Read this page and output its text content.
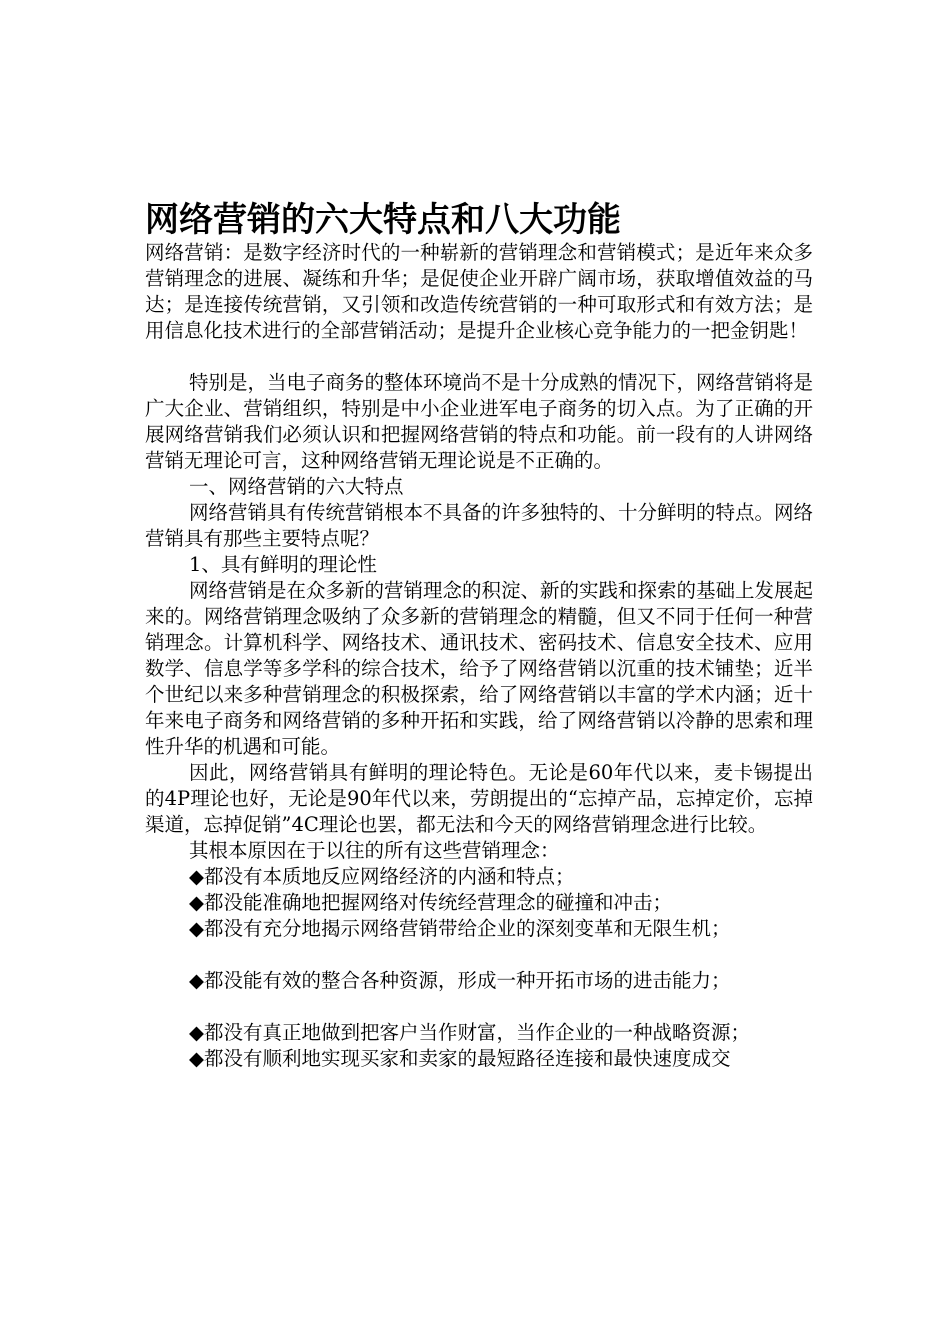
网络营销的六大特点和八大功能

网络营销：是数字经济时代的一种崭新的营销理念和营销模式；是近年来众多营销理念的进展、凝练和升华；是促使企业开辟广阔市场，获取增值效益的马达；是连接传统营销，又引领和改造传统营销的一种可取形式和有效方法；是用信息化技术进行的全部营销活动；是提升企业核心竞争能力的一把金钥匙！

特别是，当电子商务的整体环境尚不是十分成熟的情况下，网络营销将是广大企业、营销组织，特别是中小企业进军电子商务的切入点。为了正确的开展网络营销我们必须认识和把握网络营销的特点和功能。前一段有的人讲网络营销无理论可言，这种网络营销无理论说是不正确的。

一、网络营销的六大特点

网络营销具有传统营销根本不具备的许多独特的、十分鲜明的特点。网络营销具有那些主要特点呢？

1、具有鲜明的理论性

网络营销是在众多新的营销理念的积淀、新的实践和探索的基础上发展起来的。网络营销理念吸纳了众多新的营销理念的精髓，但又不同于任何一种营销理念。计算机科学、网络技术、通讯技术、密码技术、信息安全技术、应用数学、信息学等多学科的综合技术，给予了网络营销以沉重的技术铺垫；近半个世纪以来多种营销理念的积极探索，给了网络营销以丰富的学术内涵；近十年来电子商务和网络营销的多种开拓和实践，给了网络营销以冷静的思索和理性升华的机遇和可能。

因此，网络营销具有鲜明的理论特色。无论是60年代以来，麦卡锡提出的4P理论也好，无论是90年代以来，劳朗提出的“忘掉产品，忘掉定价，忘掉渠道，忘掉促销”4C理论也罢，都无法和今天的网络营销理念进行比较。

其根本原因在于以往的所有这些营销理念：

◆都没有本质地反应网络经济的内涵和特点；

◆都没能准确地把握网络对传统经营理念的碰撞和冲击；

◆都没有充分地揭示网络营销带给企业的深刻变革和无限生机；

◆都没能有效的整合各种资源，形成一种开拓市场的进击能力；

◆都没有真正地做到把客户当作财富，当作企业的一种战略资源；

◆都没有顺利地实现买家和卖家的最短路径连接和最快速度成交
